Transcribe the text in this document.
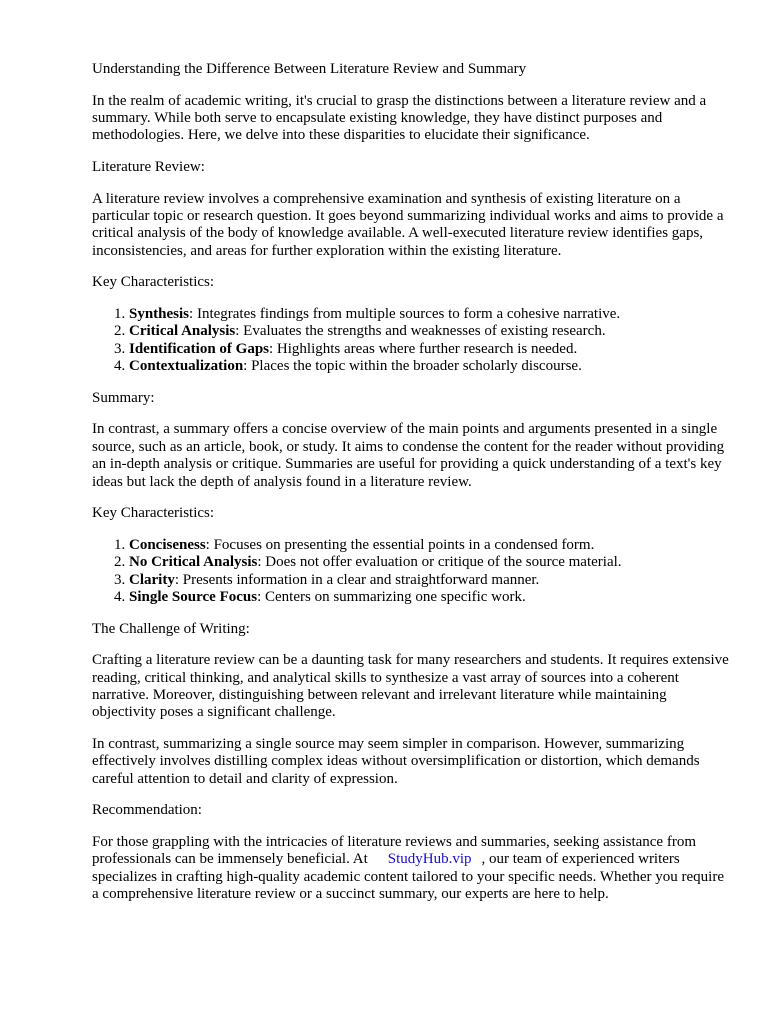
Understanding the Difference Between Literature Review and Summary

In the realm of academic writing, it's crucial to grasp the distinctions between a literature review and a summary. While both serve to encapsulate existing knowledge, they have distinct purposes and methodologies. Here, we delve into these disparities to elucidate their significance.

Literature Review:

A literature review involves a comprehensive examination and synthesis of existing literature on a particular topic or research question. It goes beyond summarizing individual works and aims to provide a critical analysis of the body of knowledge available. A well-executed literature review identifies gaps, inconsistencies, and areas for further exploration within the existing literature.

Key Characteristics:

1. Synthesis: Integrates findings from multiple sources to form a cohesive narrative.
2. Critical Analysis: Evaluates the strengths and weaknesses of existing research.
3. Identification of Gaps: Highlights areas where further research is needed.
4. Contextualization: Places the topic within the broader scholarly discourse.

Summary:

In contrast, a summary offers a concise overview of the main points and arguments presented in a single source, such as an article, book, or study. It aims to condense the content for the reader without providing an in-depth analysis or critique. Summaries are useful for providing a quick understanding of a text's key ideas but lack the depth of analysis found in a literature review.

Key Characteristics:

1. Conciseness: Focuses on presenting the essential points in a condensed form.
2. No Critical Analysis: Does not offer evaluation or critique of the source material.
3. Clarity: Presents information in a clear and straightforward manner.
4. Single Source Focus: Centers on summarizing one specific work.

The Challenge of Writing:

Crafting a literature review can be a daunting task for many researchers and students. It requires extensive reading, critical thinking, and analytical skills to synthesize a vast array of sources into a coherent narrative. Moreover, distinguishing between relevant and irrelevant literature while maintaining objectivity poses a significant challenge.

In contrast, summarizing a single source may seem simpler in comparison. However, summarizing effectively involves distilling complex ideas without oversimplification or distortion, which demands careful attention to detail and clarity of expression.

Recommendation:

For those grappling with the intricacies of literature reviews and summaries, seeking assistance from professionals can be immensely beneficial. At StudyHub.vip , our team of experienced writers specializes in crafting high-quality academic content tailored to your specific needs. Whether you require a comprehensive literature review or a succinct summary, our experts are here to help.
